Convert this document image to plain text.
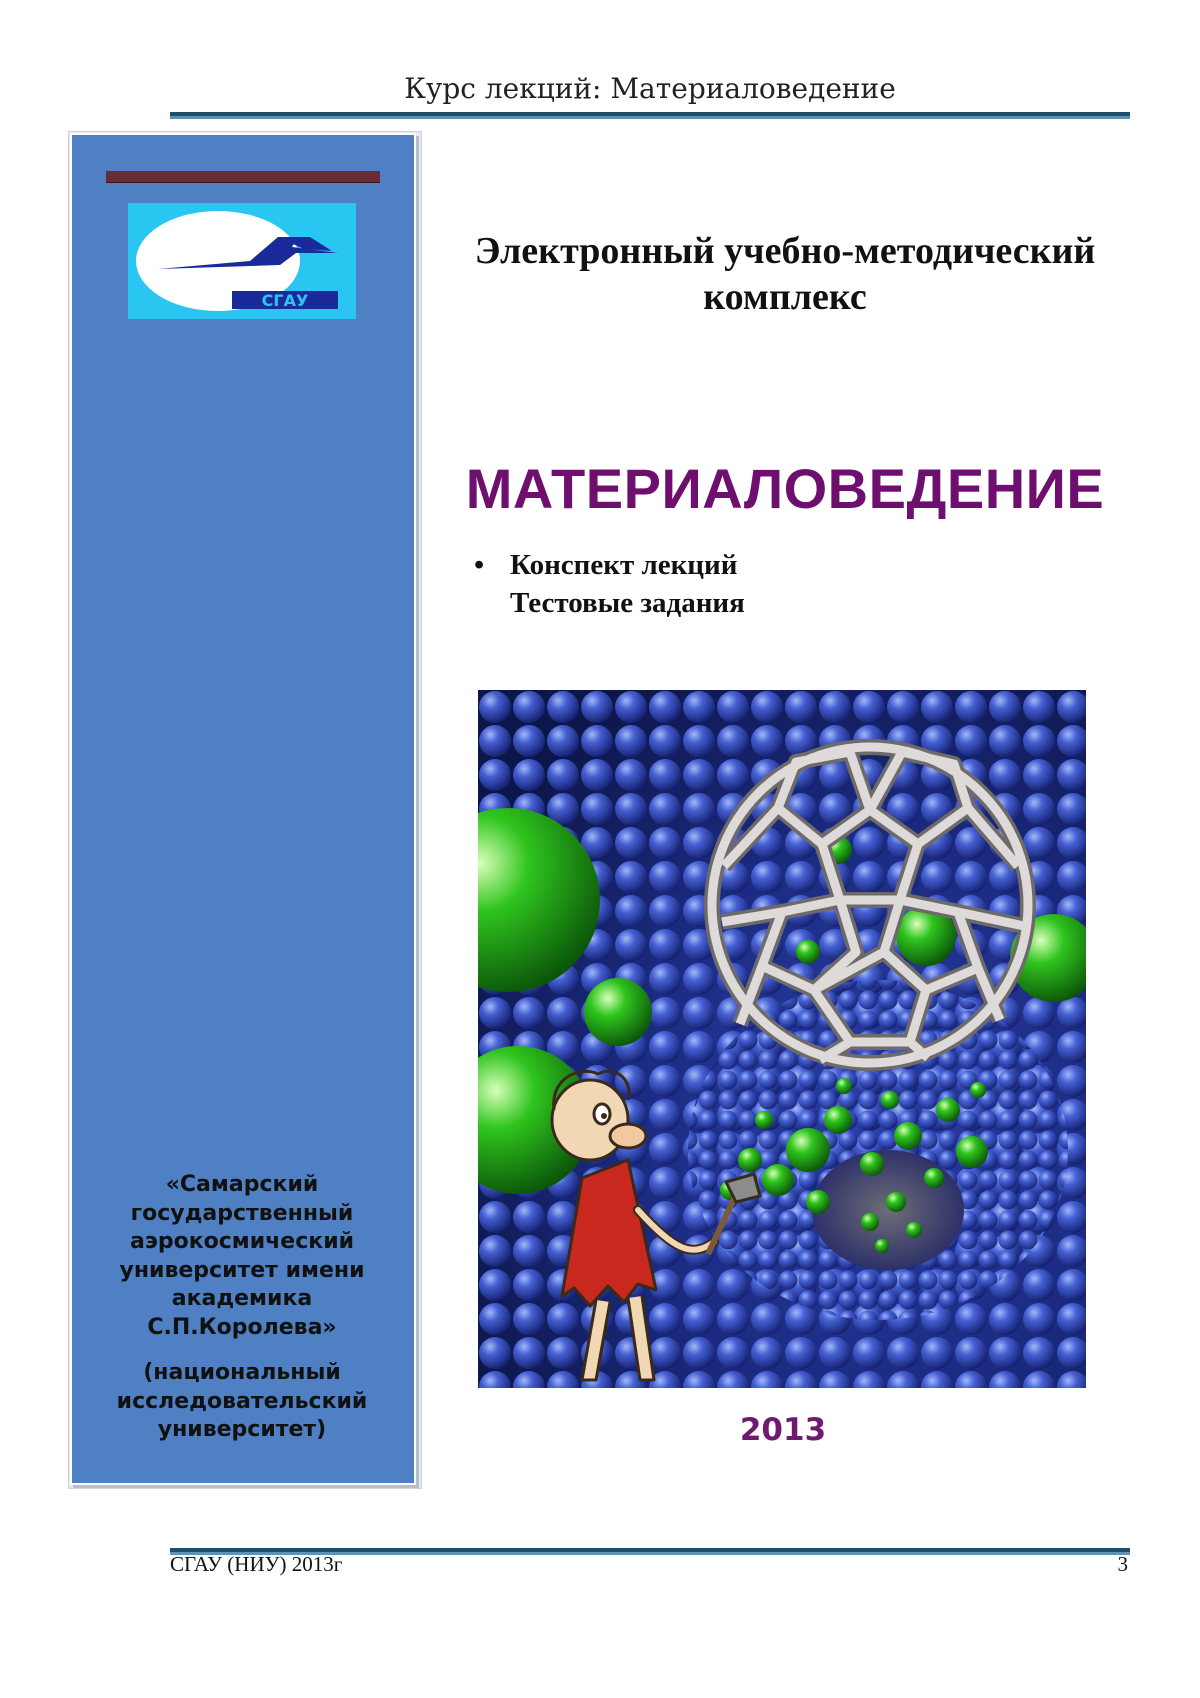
Курс лекций: Материаловедение
СГАУ
«Самарский государственный аэрокосмический университет имени академика С.П.Королева»
(национальный исследовательский университет)
Электронный учебно-методический комплекс
МАТЕРИАЛОВЕДЕНИЕ
• Конспект лекций
Тестовые задания
2013
СГАУ (НИУ) 2013г	3
